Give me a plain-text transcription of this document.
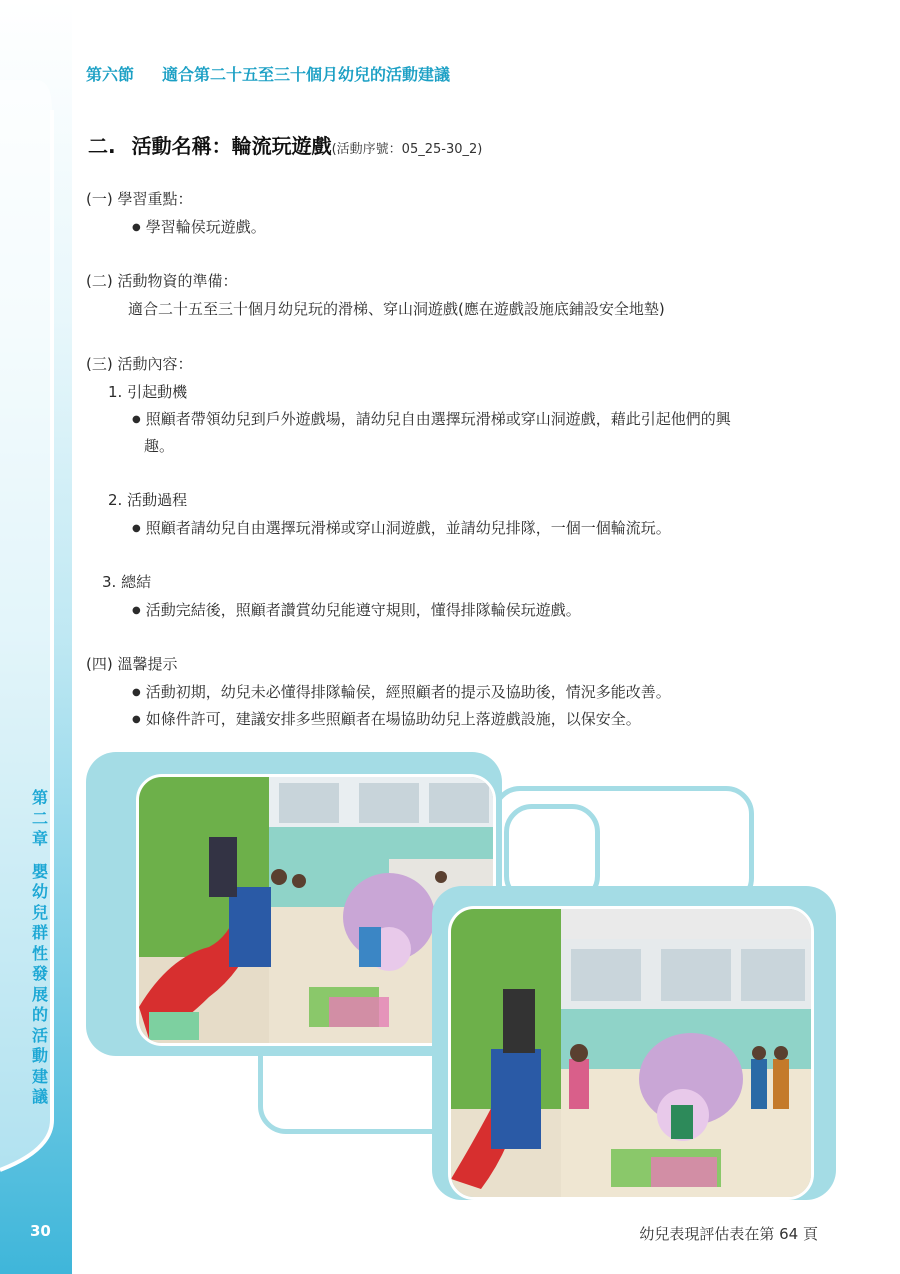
第
二
章
嬰
幼
兒
群
性
發
展
的
活
動
建
議
30
第六節 適合第二十五至三十個月幼兒的活動建議
二. 活動名稱：輪流玩遊戲(活動序號：05_25-30_2)
(一) 學習重點：
● 學習輪侯玩遊戲。
(二) 活動物資的準備：
適合二十五至三十個月幼兒玩的滑梯、穿山洞遊戲(應在遊戲設施底鋪設安全地墊)
(三) 活動內容：
1. 引起動機
● 照顧者帶領幼兒到戶外遊戲場，請幼兒自由選擇玩滑梯或穿山洞遊戲，藉此引起他們的興
趣。
2. 活動過程
● 照顧者請幼兒自由選擇玩滑梯或穿山洞遊戲，並請幼兒排隊，一個一個輪流玩。
3. 總結
● 活動完結後，照顧者讚賞幼兒能遵守規則，懂得排隊輪侯玩遊戲。
(四) 溫馨提示
● 活動初期，幼兒未必懂得排隊輪侯，經照顧者的提示及協助後，情況多能改善。
● 如條件許可，建議安排多些照顧者在場協助幼兒上落遊戲設施，以保安全。
幼兒表現評估表在第 64 頁
